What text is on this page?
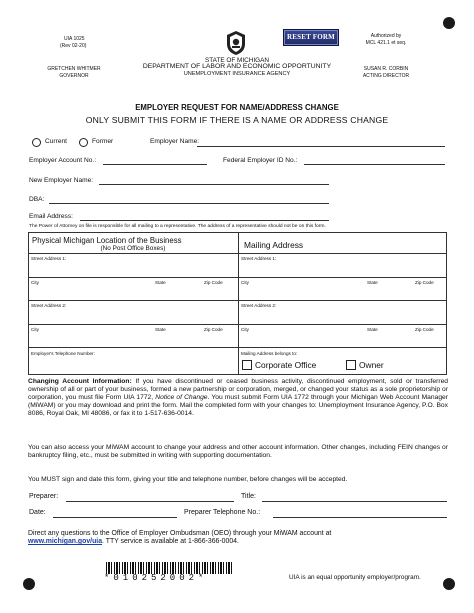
UIA 1025
(Rev 02-20)
RESET FORM	Authorized by
MCL 421.1 et seq.
STATE OF MICHIGAN
DEPARTMENT OF LABOR AND ECONOMIC OPPORTUNITY
UNEMPLOYMENT INSURANCE AGENCY
GRETCHEN WHITMER
GOVERNOR
SUSAN R. CORBIN
ACTING DIRECTOR
EMPLOYER REQUEST FOR NAME/ADDRESS CHANGE
ONLY SUBMIT THIS FORM IF THERE IS A NAME OR ADDRESS CHANGE
Current	Former	Employer Name:
Employer Account No.:	Federal Employer ID No.:
New Employer Name:
DBA:
Email Address:
The Power of Attorney on file is responsible for all mailing to a representative. The address of a representative should not be on this form.
Physical Michigan Location of the Business
(No Post Office Boxes)	Mailing Address
Street Address 1:	Street Address 1:
City	State	Zip Code	City	State	Zip Code
Street Address 2:	Street Address 2:
City	State	Zip Code	City	State	Zip Code
Employer's Telephone Number:	Mailing Address belongs to:
Corporate Office	Owner
Changing Account Information: If you have discontinued or ceased business activity, discontinued employment, sold or transferred ownership of all or part of your business, formed a new partnership or corporation, merged, or changed your status as a sole proprietorship or corporation, you must file Form UIA 1772, Notice of Change. You must submit Form UIA 1772 through your Michigan Web Account Manager (MiWAM) or you may download and print the form. Mail the completed form with your changes to: Unemployment Insurance Agency, P.O. Box 8086, Royal Oak, MI 48086, or fax it to 1-517-636-0014.
You can also access your MiWAM account to change your address and other account information. Other changes, including FEIN changes or bankruptcy filing, etc., must be submitted in writing with supporting documentation.
You MUST sign and date this form, giving your title and telephone number, before changes will be accepted.
Preparer:	Title:
Date:	Preparer Telephone No.:
Direct any questions to the Office of Employer Ombudsman (OEO) through your MiWAM account at
www.michigan.gov/uia. TTY service is available at 1-866-366-0004.
*010252002*	UIA is an equal opportunity employer/program.
